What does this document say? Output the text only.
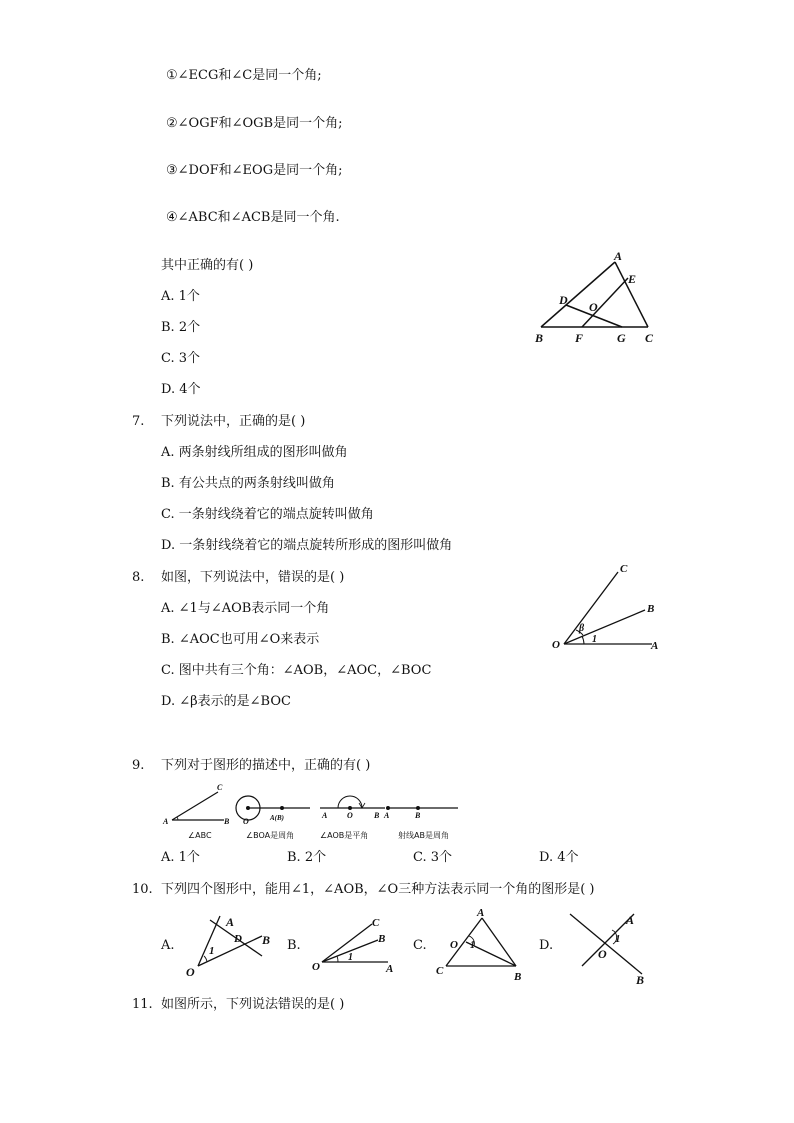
①∠ECG和∠C是同一个角;
②∠OGF和∠OGB是同一个角;
③∠DOF和∠EOG是同一个角;
④∠ABC和∠ACB是同一个角.
其中正确的有( )
A. 1个
B. 2个
C. 3个
D. 4个
A
E
D O
B	F	G C
7. 下列说法中，正确的是( )
A. 两条射线所组成的图形叫做角
B. 有公共点的两条射线叫做角
C. 一条射线绕着它的端点旋转叫做角
D. 一条射线绕着它的端点旋转所形成的图形叫做角
8. 如图，下列说法中，错误的是( )
A. ∠1与∠AOB表示同一个角
B. ∠AOC也可用∠O来表示
C. 图中共有三个角：∠AOB，∠AOC，∠BOC
D. ∠β表示的是∠BOC
C
B
O	A
β
1
9. 下列对于图形的描述中，正确的有( )
C
A	B
∠ABC
O	A(B)
∠BOA是周角
A O	B
∠AOB是平角
A	B
射线AB是周角
A. 1个	B. 2个	C. 3个	D. 4个
10. 下列四个图形中，能用∠1，∠AOB，∠O三种方法表示同一个角的图形是( )
A.
A
D B
1
O
B.
C
B
1
O	A
C.
A
O 1
C	B
D.
A
1
O
B
11. 如图所示，下列说法错误的是( )
